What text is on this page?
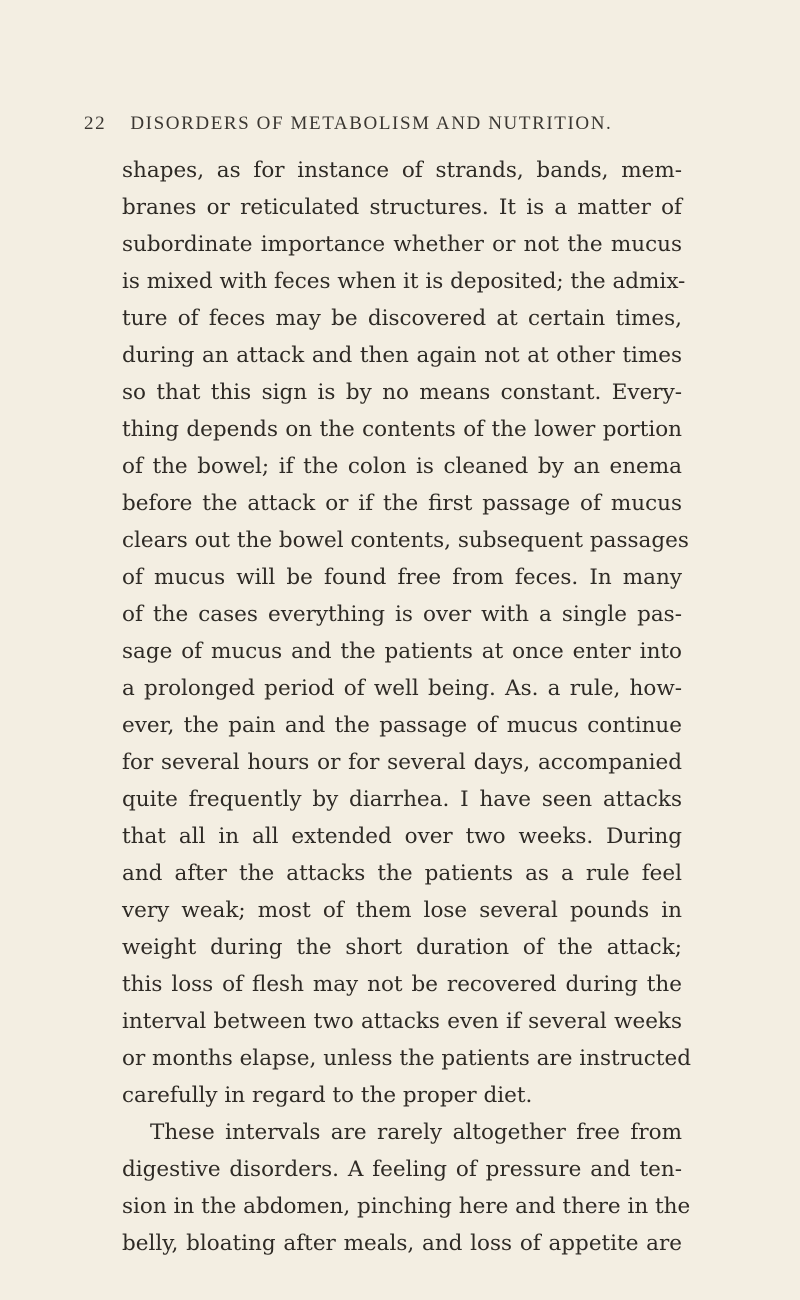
22 DISORDERS OF METABOLISM AND NUTRITION.
shapes, as for instance of strands, bands, mem-
branes or reticulated structures. It is a matter of
subordinate importance whether or not the mucus
is mixed with feces when it is deposited; the admix-
ture of feces may be discovered at certain times,
during an attack and then again not at other times
so that this sign is by no means constant. Every-
thing depends on the contents of the lower portion
of the bowel; if the colon is cleaned by an enema
before the attack or if the first passage of mucus
clears out the bowel contents, subsequent passages
of mucus will be found free from feces. In many
of the cases everything is over with a single pas-
sage of mucus and the patients at once enter into
a prolonged period of well being. As. a rule, how-
ever, the pain and the passage of mucus continue
for several hours or for several days, accompanied
quite frequently by diarrhea. I have seen attacks
that all in all extended over two weeks. During
and after the attacks the patients as a rule feel
very weak; most of them lose several pounds in
weight during the short duration of the attack;
this loss of flesh may not be recovered during the
interval between two attacks even if several weeks
or months elapse, unless the patients are instructed
carefully in regard to the proper diet.
These intervals are rarely altogether free from
digestive disorders. A feeling of pressure and ten-
sion in the abdomen, pinching here and there in the
belly, bloating after meals, and loss of appetite are
